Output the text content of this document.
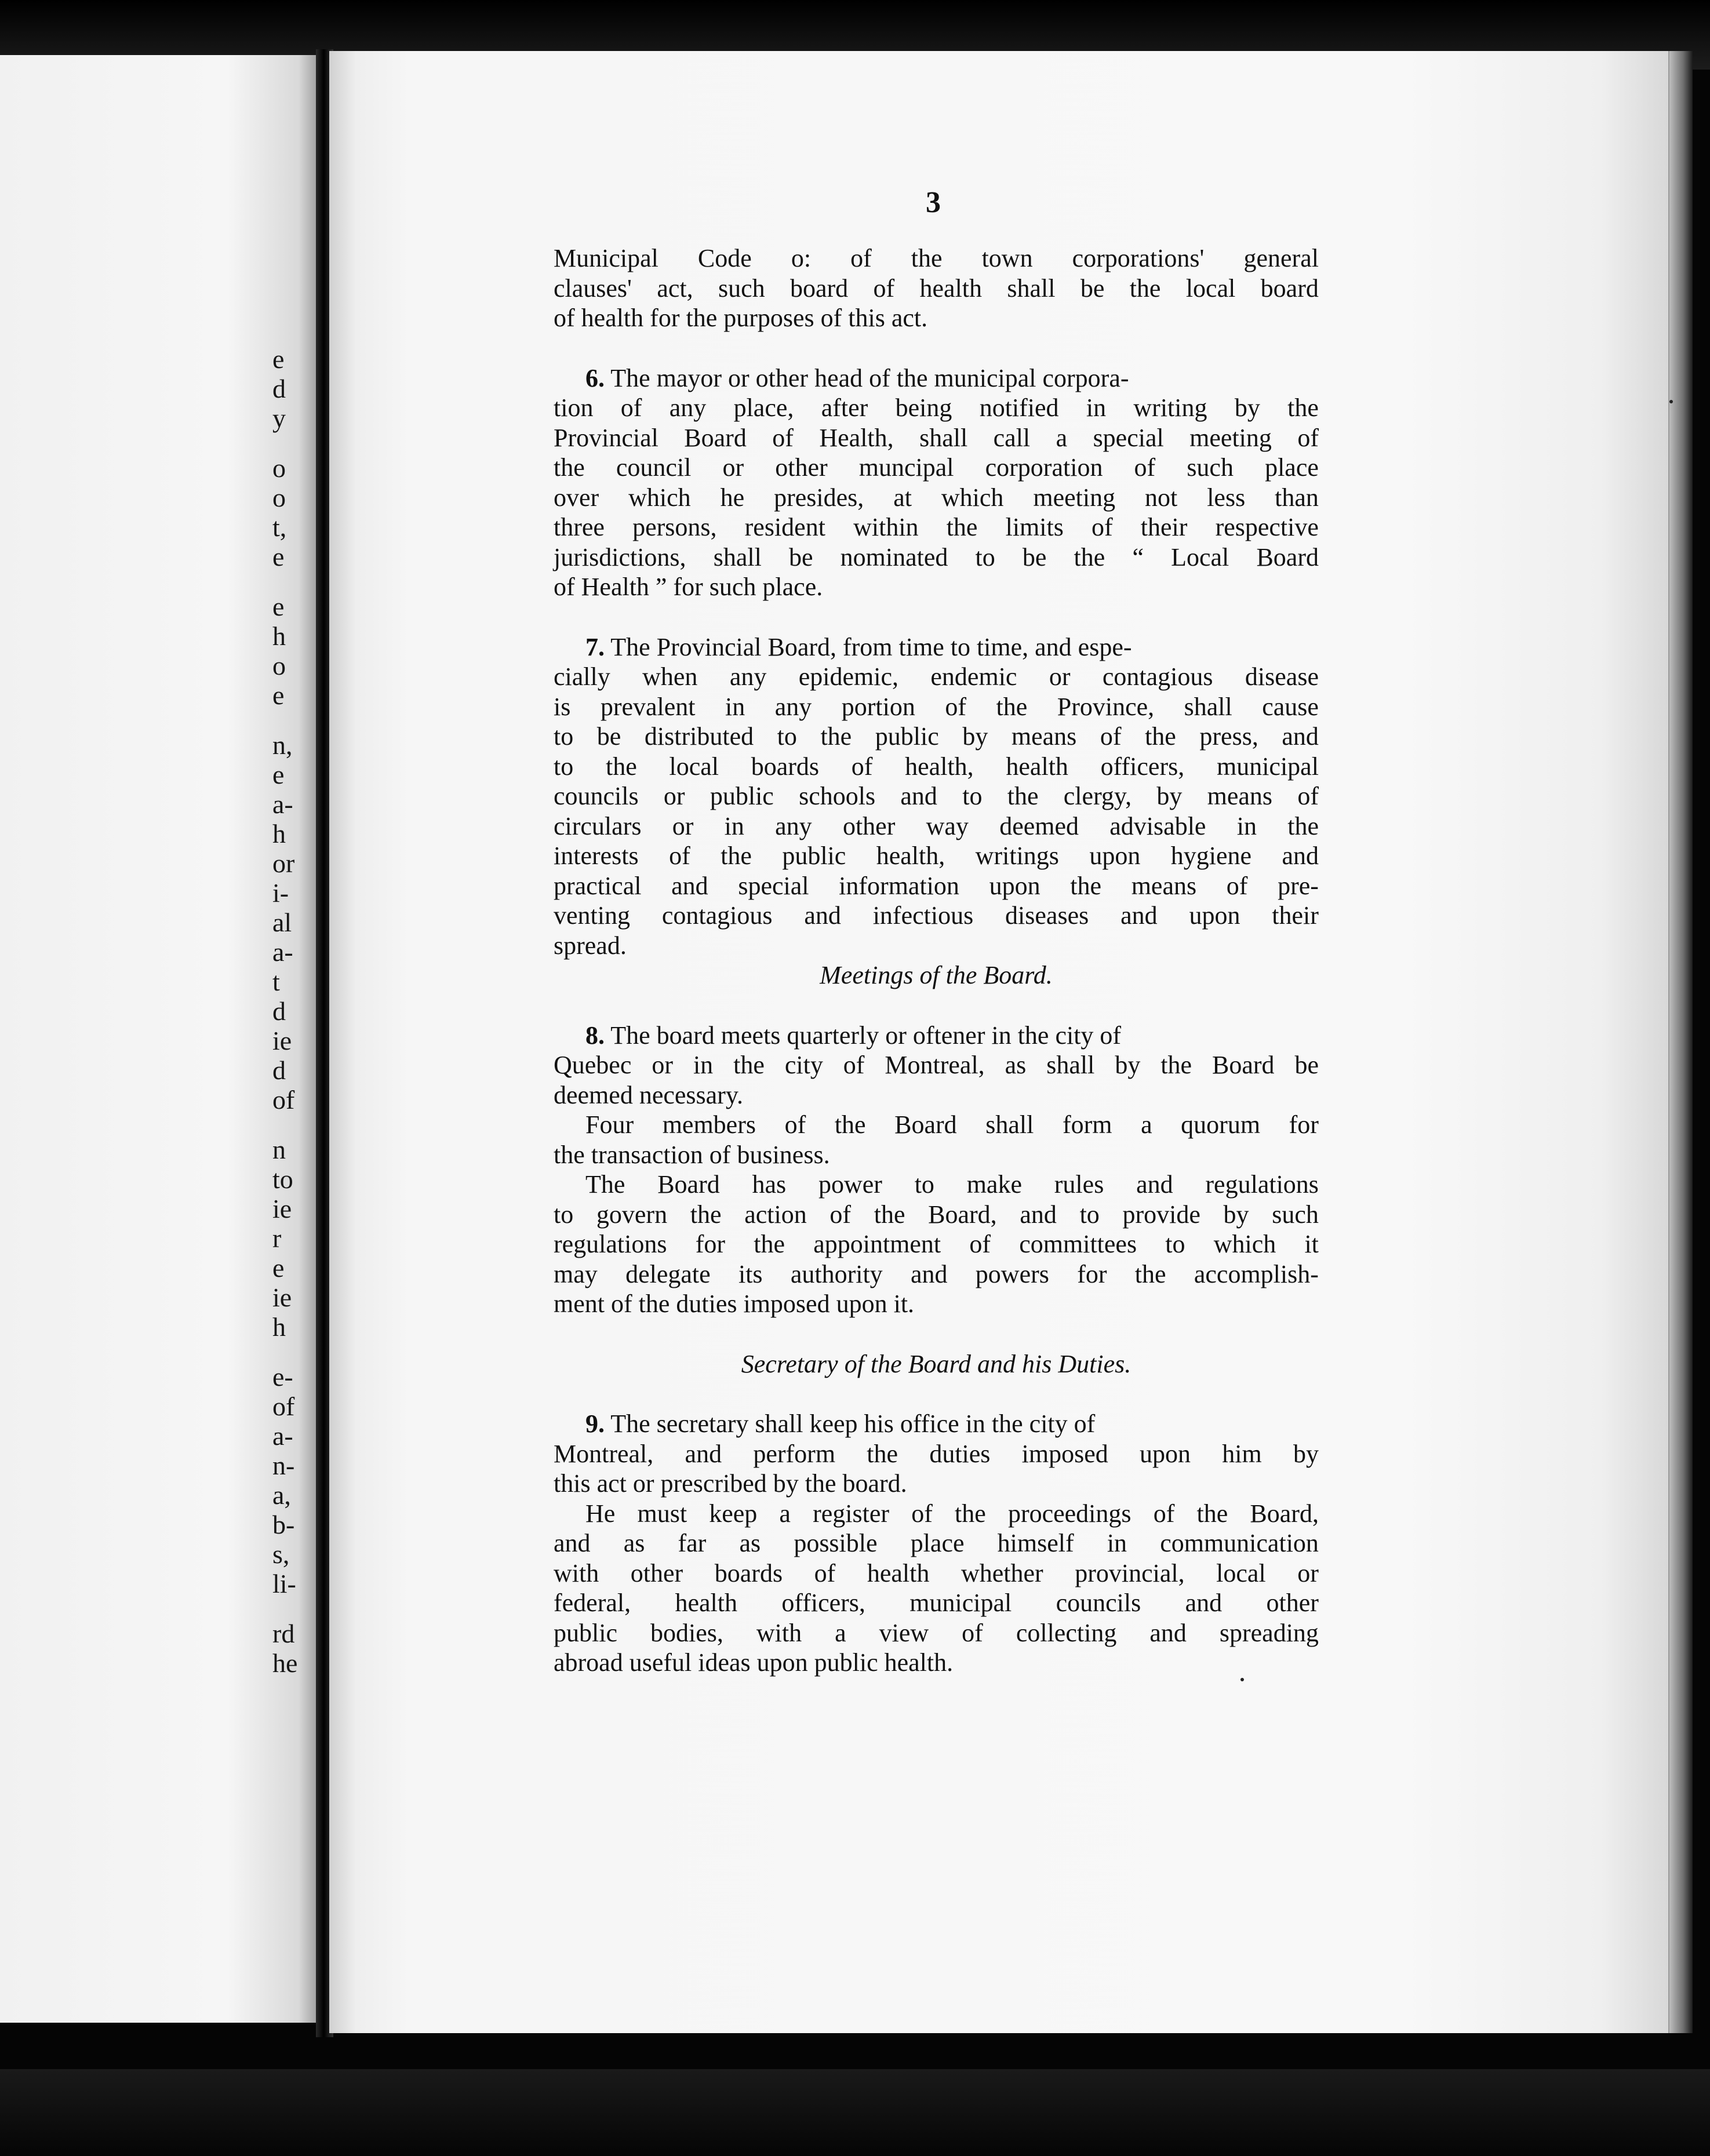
e
d
y
o
o
t,
e
e
h
o
e
n,
e
a-
h
or
i-
al
a-
t
d
ie
d
of
n
to
ie
r
e
ie
h
e-
of
a-
n-
a,
b-
s,
li-
rd
he
3
Municipal Code o: of the town corporations' general
clauses' act, such board of health shall be the local board
of health for the purposes of this act.
6. The mayor or other head of the municipal corpora-
tion of any place, after being notified in writing by the
Provincial Board of Health, shall call a special meeting of
the council or other muncipal corporation of such place
over which he presides, at which meeting not less than
three persons, resident within the limits of their respective
jurisdictions, shall be nominated to be the “ Local Board
of Health ” for such place.
7. The Provincial Board, from time to time, and espe-
cially when any epidemic, endemic or contagious disease
is prevalent in any portion of the Province, shall cause
to be distributed to the public by means of the press, and
to the local boards of health, health officers, municipal
councils or public schools and to the clergy, by means of
circulars or in any other way deemed advisable in the
interests of the public health, writings upon hygiene and
practical and special information upon the means of pre-
venting contagious and infectious diseases and upon their
spread.
Meetings of the Board.
8. The board meets quarterly or oftener in the city of
Quebec or in the city of Montreal, as shall by the Board be
deemed necessary.
Four members of the Board shall form a quorum for
the transaction of business.
The Board has power to make rules and regulations
to govern the action of the Board, and to provide by such
regulations for the appointment of committees to which it
may delegate its authority and powers for the accomplish-
ment of the duties imposed upon it.
Secretary of the Board and his Duties.
9. The secretary shall keep his office in the city of
Montreal, and perform the duties imposed upon him by
this act or prescribed by the board.
He must keep a register of the proceedings of the Board,
and as far as possible place himself in communication
with other boards of health whether provincial, local or
federal, health officers, municipal councils and other
public bodies, with a view of collecting and spreading
abroad useful ideas upon public health.
